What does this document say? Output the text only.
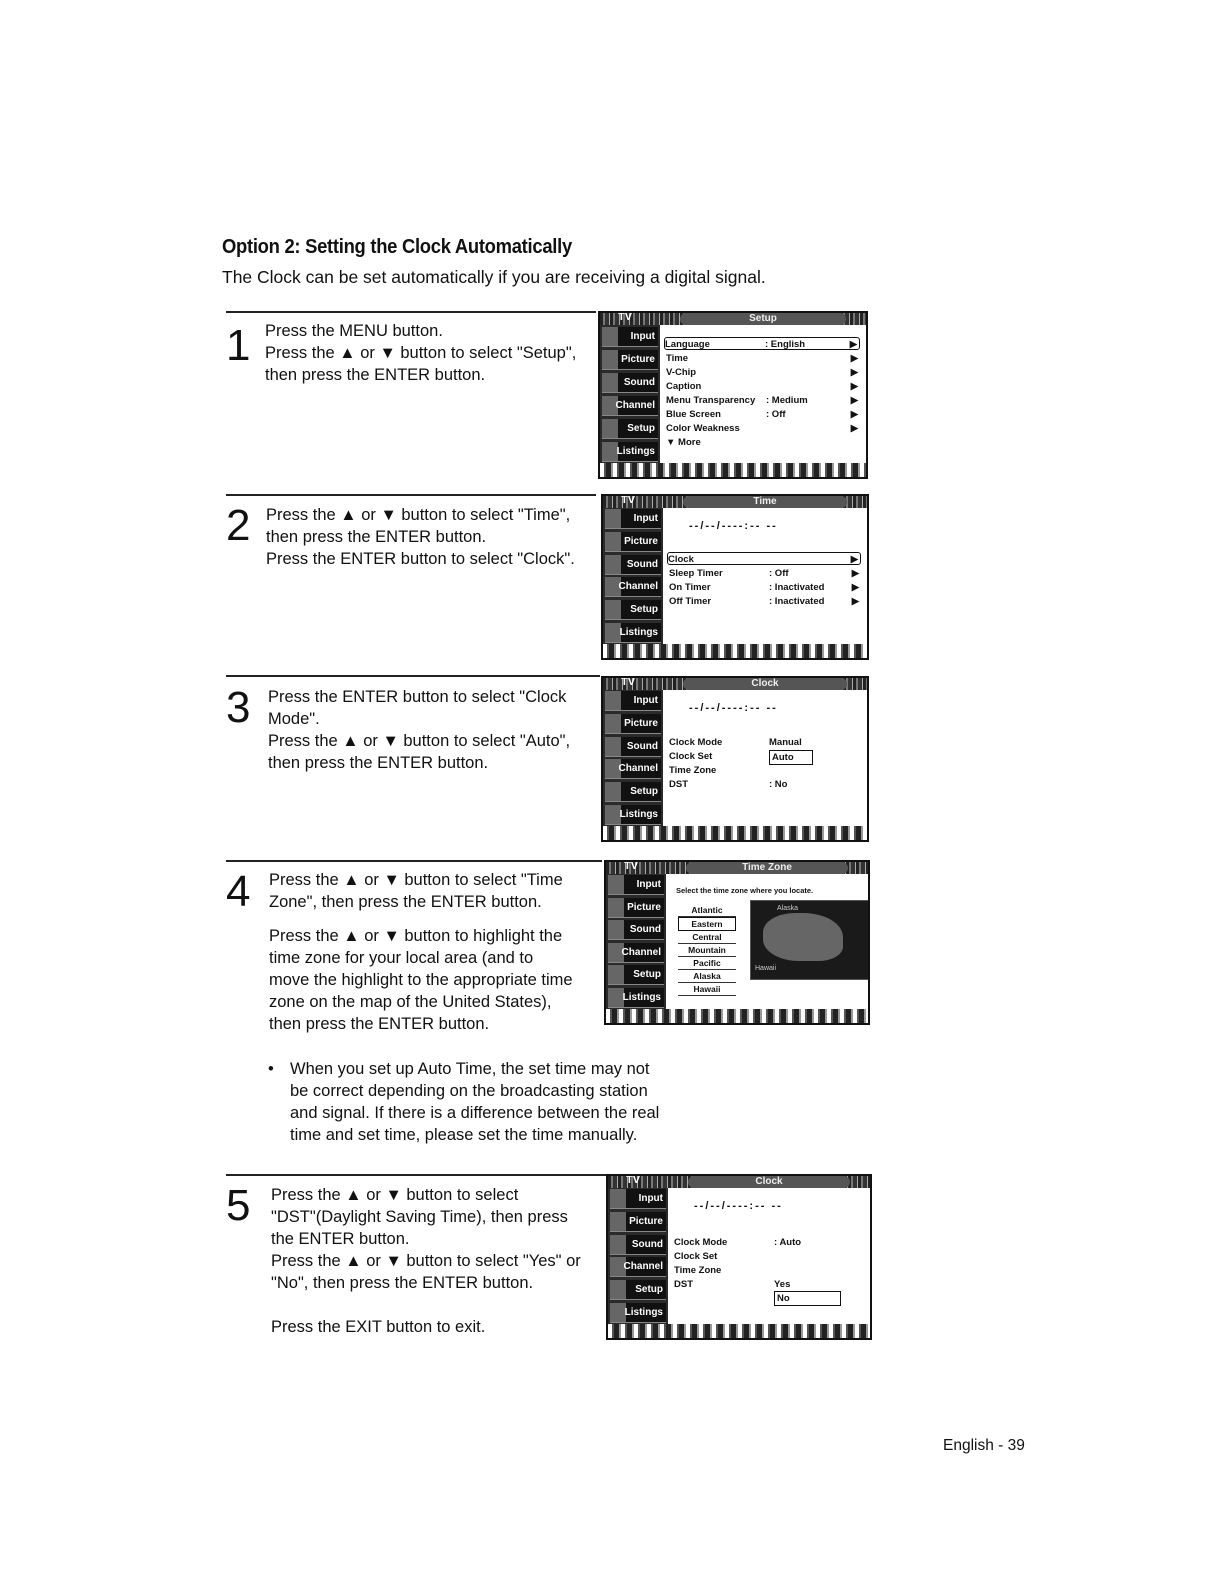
Option 2: Setting the Clock Automatically
The Clock can be set automatically if you are receiving a digital signal.
1 Press the MENU button.

Press the ▲ or ▼ button to select "Setup",

then press the ENTER button.

TV	Setup
Input
Picture
Sound
Channel
Setup
Listings
Language	: English	▶
Time	▶
V-Chip	▶
Caption	▶
Menu Transparency : Medium	▶
Blue Screen	: Off	▶
Color Weakness	▶
▼ More
2 Press the ▲ or ▼ button to select "Time",

then press the ENTER button.

Press the ENTER button to select "Clock".

TV	Time
Input
Picture
Sound
Channel
Setup
Listings
--/--/----:-- --
Clock	▶
Sleep Timer	: Off	▶
On Timer	: Inactivated	▶
Off Timer	: Inactivated	▶
3 Press the ENTER button to select "Clock

Mode".

Press the ▲ or ▼ button to select "Auto",

then press the ENTER button.

TV	Clock
Input
Picture
Sound
Channel
Setup
Listings
--/--/----:-- --
Clock Mode	Manual
Clock Set	Auto
Time Zone
DST	: No
4 Press the ▲ or ▼ button to select "Time

Zone", then press the ENTER button.

Press the ▲ or ▼ button to highlight the

time zone for your local area (and to

move the highlight to the appropriate time

zone on the map of the United States),

then press the ENTER button.

TV	Time Zone
Input
Picture
Sound
Channel
Setup
Listings
Select the time zone where you locate.
Atlantic
Eastern
Central
Mountain
Pacific
Alaska
Hawaii
Alaska
Hawaii
• When you set up Auto Time, the set time may not be correct depending on the broadcasting station and signal. If there is a difference between the real time and set time, please set the time manually.
5 Press the ▲ or ▼ button to select

"DST"(Daylight Saving Time), then press

the ENTER button.

Press the ▲ or ▼ button to select "Yes" or

"No", then press the ENTER button.

Press the EXIT button to exit.

TV	Clock
Input
Picture
Sound
Channel
Setup
Listings
--/--/----:-- --
Clock Mode	: Auto
Clock Set
Time Zone
DST	Yes
No
English - 39
